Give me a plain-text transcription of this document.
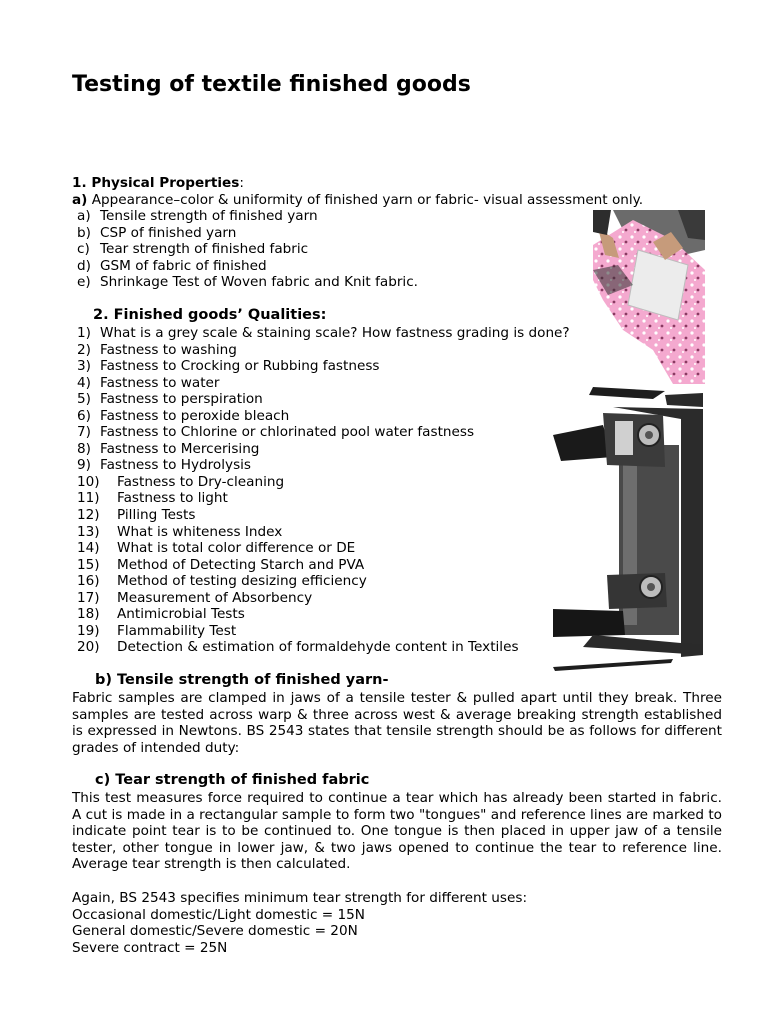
Testing of textile finished goods
1. Physical Properties:
a) Appearance–color & uniformity of finished yarn or fabric- visual assessment only.
a) Tensile strength of finished yarn
b) CSP of finished yarn
c) Tear strength of finished fabric
d) GSM of fabric of finished
e) Shrinkage Test of Woven fabric and Knit fabric.
2. Finished goods’ Qualities:
1) What is a grey scale & staining scale? How fastness grading is done?
2) Fastness to washing
3) Fastness to Crocking or Rubbing fastness
4) Fastness to water
5) Fastness to perspiration
6) Fastness to peroxide bleach
7) Fastness to Chlorine or chlorinated pool water fastness
8) Fastness to Mercerising
9) Fastness to Hydrolysis
10) Fastness to Dry-cleaning
11) Fastness to light
12) Pilling Tests
13) What is whiteness Index
14) What is total color difference or DE
15) Method of Detecting Starch and PVA
16) Method of testing desizing efficiency
17) Measurement of Absorbency
18) Antimicrobial Tests
19) Flammability Test
20) Detection & estimation of formaldehyde content in Textiles
b) Tensile strength of finished yarn-

Fabric samples are clamped in jaws of a tensile tester & pulled apart until they break. Three samples are tested across warp & three across west & average breaking strength established is expressed in Newtons. BS 2543 states that tensile strength should be as follows for different grades of intended duty:

c) Tear strength of finished fabric

This test measures force required to continue a tear which has already been started in fabric. A cut is made in a rectangular sample to form two "tongues" and reference lines are marked to indicate point tear is to be continued to. One tongue is then placed in upper jaw of a tensile tester, other tongue in lower jaw, & two jaws opened to continue the tear to reference line. Average tear strength is then calculated.

Again, BS 2543 specifies minimum tear strength for different uses:
Occasional domestic/Light domestic = 15N
General domestic/Severe domestic = 20N
Severe contract = 25N
